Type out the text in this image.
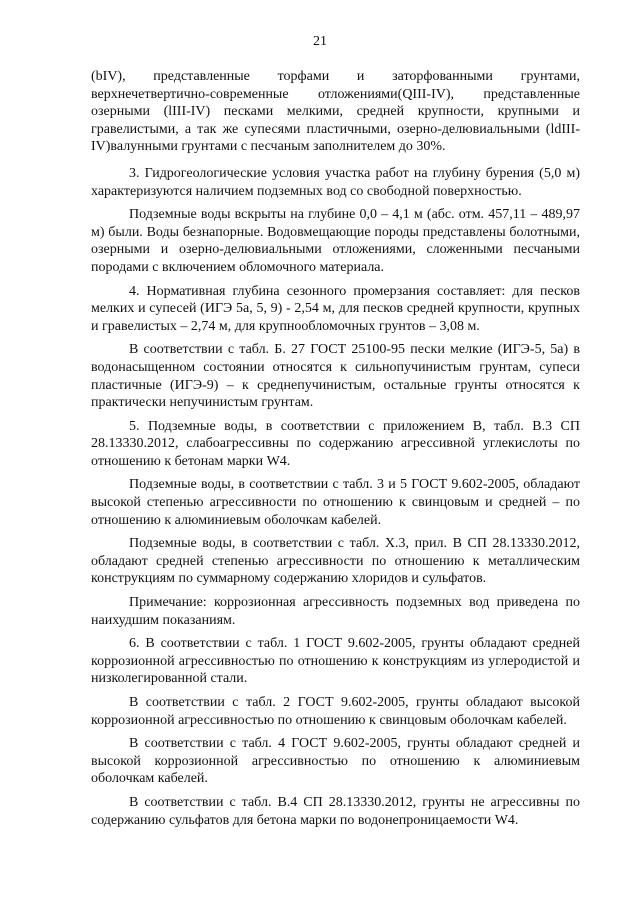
21

(bIV), представленные торфами и заторфованными грунтами, верхнечетвертично-современные отложениями(QIII-IV), представленные озерными (lIII-IV) песками мелкими, средней крупности, крупными и гравелистыми, а так же супесями пластичными, озерно-делювиальными (ldIII-IV)валунными грунтами с песчаным заполнителем до 30%.

3. Гидрогеологические условия участка работ на глубину бурения (5,0 м) характеризуются наличием подземных вод со свободной поверхностью.

Подземные воды вскрыты на глубине 0,0 – 4,1 м (абс. отм. 457,11 – 489,97 м) были. Воды безнапорные. Водовмещающие породы представлены болотными, озерными и озерно-делювиальными отложениями, сложенными песчаными породами с включением обломочного материала.

4. Нормативная глубина сезонного промерзания составляет: для песков мелких и супесей (ИГЭ 5а, 5, 9) - 2,54 м, для песков средней крупности, крупных и гравелистых – 2,74 м, для крупнообломочных грунтов – 3,08 м.

В соответствии с табл. Б. 27 ГОСТ 25100-95 пески мелкие (ИГЭ-5, 5а) в водонасыщенном состоянии относятся к сильнопучинистым грунтам, супеси пластичные (ИГЭ-9) – к среднепучинистым, остальные грунты относятся к практически непучинистым грунтам.

5. Подземные воды, в соответствии с приложением В, табл. В.3 СП 28.13330.2012, слабоагрессивны по содержанию агрессивной углекислоты по отношению к бетонам марки W4.

Подземные воды, в соответствии с табл. 3 и 5 ГОСТ 9.602-2005, обладают высокой степенью агрессивности по отношению к свинцовым и средней – по отношению к алюминиевым оболочкам кабелей.

Подземные воды, в соответствии с табл. Х.3, прил. В СП 28.13330.2012, обладают средней степенью агрессивности по отношению к металлическим конструкциям по суммарному содержанию хлоридов и сульфатов.

Примечание: коррозионная агрессивность подземных вод приведена по наихудшим показаниям.

6. В соответствии с табл. 1 ГОСТ 9.602-2005, грунты обладают средней коррозионной агрессивностью по отношению к конструкциям из углеродистой и низколегированной стали.

В соответствии с табл. 2 ГОСТ 9.602-2005, грунты обладают высокой коррозионной агрессивностью по отношению к свинцовым оболочкам кабелей.

В соответствии с табл. 4 ГОСТ 9.602-2005, грунты обладают средней и высокой коррозионной агрессивностью по отношению к алюминиевым оболочкам кабелей.

В соответствии с табл. В.4 СП 28.13330.2012, грунты не агрессивны по содержанию сульфатов для бетона марки по водонепроницаемости W4.
